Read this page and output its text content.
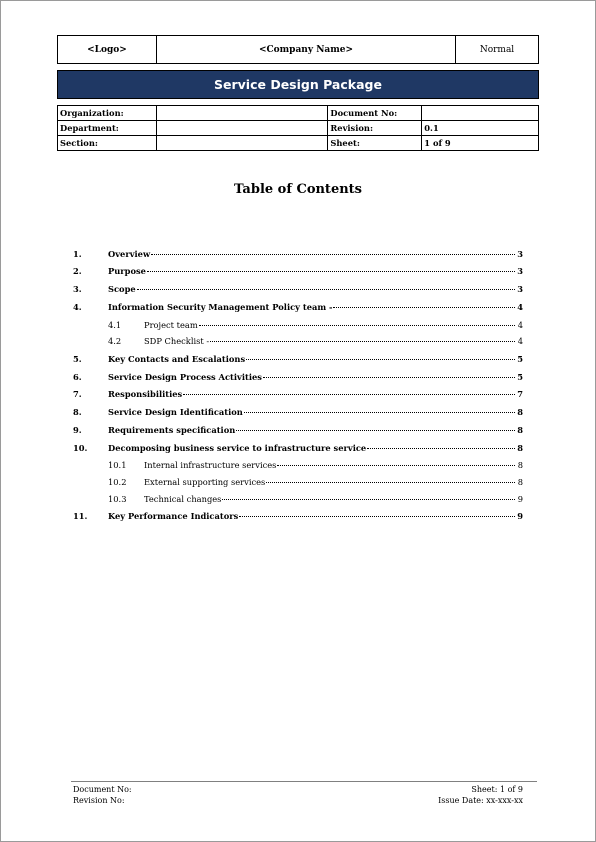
<Logo>	<Company Name>	Normal
Service Design Package
Organization:		Document No:	
Department:		Revision:	0.1
Section:		Sheet:	1 of 9
Table of Contents
1.	Overview	3
2.	Purpose	3
3.	Scope	3
4.	Information Security Management Policy team -	4
4.1	Project team	4
4.2	SDP Checklist -	4
5.	Key Contacts and Escalations	5
6.	Service Design Process Activities	5
7.	Responsibilities	7
8.	Service Design Identification	8
9.	Requirements specification	8
10.	Decomposing business service to infrastructure service	8
10.1	Internal infrastructure services	8
10.2	External supporting services	8
10.3	Technical changes	9
11.	Key Performance Indicators	9
Document No:	Sheet: 1 of 9
Revision No:	Issue Date: xx-xxx-xx
